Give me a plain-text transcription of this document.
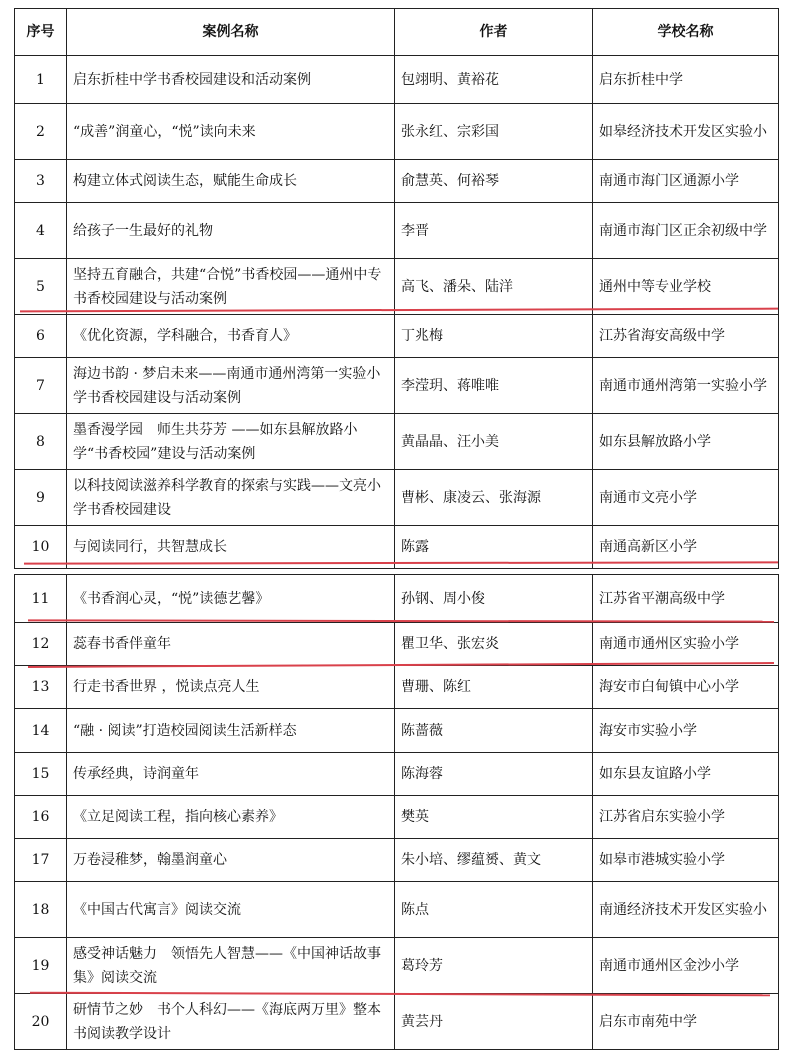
序号	案例名称	作者	学校名称
1	启东折桂中学书香校园建设和活动案例	包翊明、黄裕花	启东折桂中学
2	“成善”润童心，“悦”读向未来	张永红、宗彩国	如皋经济技术开发区实验小
3	构建立体式阅读生态，赋能生命成长	俞慧英、何裕琴	南通市海门区通源小学
4	给孩子一生最好的礼物	李晋	南通市海门区正余初级中学
5	坚持五育融合，共建“合悦”书香校园——通州中专书香校园建设与活动案例	高飞、潘朵、陆洋	通州中等专业学校
6	《优化资源，学科融合，书香育人》	丁兆梅	江苏省海安高级中学
7	海边书韵 · 梦启未来——南通市通州湾第一实验小学书香校园建设与活动案例	李滢玥、蒋唯唯	南通市通州湾第一实验小学
8	墨香漫学园　师生共芬芳 ——如东县解放路小学“书香校园”建设与活动案例	黄晶晶、汪小美	如东县解放路小学
9	以科技阅读滋养科学教育的探索与实践——文亮小学书香校园建设	曹彬、康凌云、张海源	南通市文亮小学
10	与阅读同行，共智慧成长	陈露	南通高新区小学
11	《书香润心灵，“悦”读德艺馨》	孙钢、周小俊	江苏省平潮高级中学
12	蕊春书香伴童年	瞿卫华、张宏炎	南通市通州区实验小学
13	行走书香世界 ，悦读点亮人生	曹珊、陈红	海安市白甸镇中心小学
14	“融 · 阅读”打造校园阅读生活新样态	陈蔷薇	海安市实验小学
15	传承经典，诗润童年	陈海蓉	如东县友谊路小学
16	《立足阅读工程，指向核心素养》	樊英	江苏省启东实验小学
17	万卷浸稚梦，翰墨润童心	朱小培、缪蕴赟、黄文	如皋市港城实验小学
18	《中国古代寓言》阅读交流	陈点	南通经济技术开发区实验小
19	感受神话魅力　领悟先人智慧——《中国神话故事集》阅读交流	葛玲芳	南通市通州区金沙小学
20	研情节之妙　书个人科幻——《海底两万里》整本书阅读教学设计	黄芸丹	启东市南苑中学
